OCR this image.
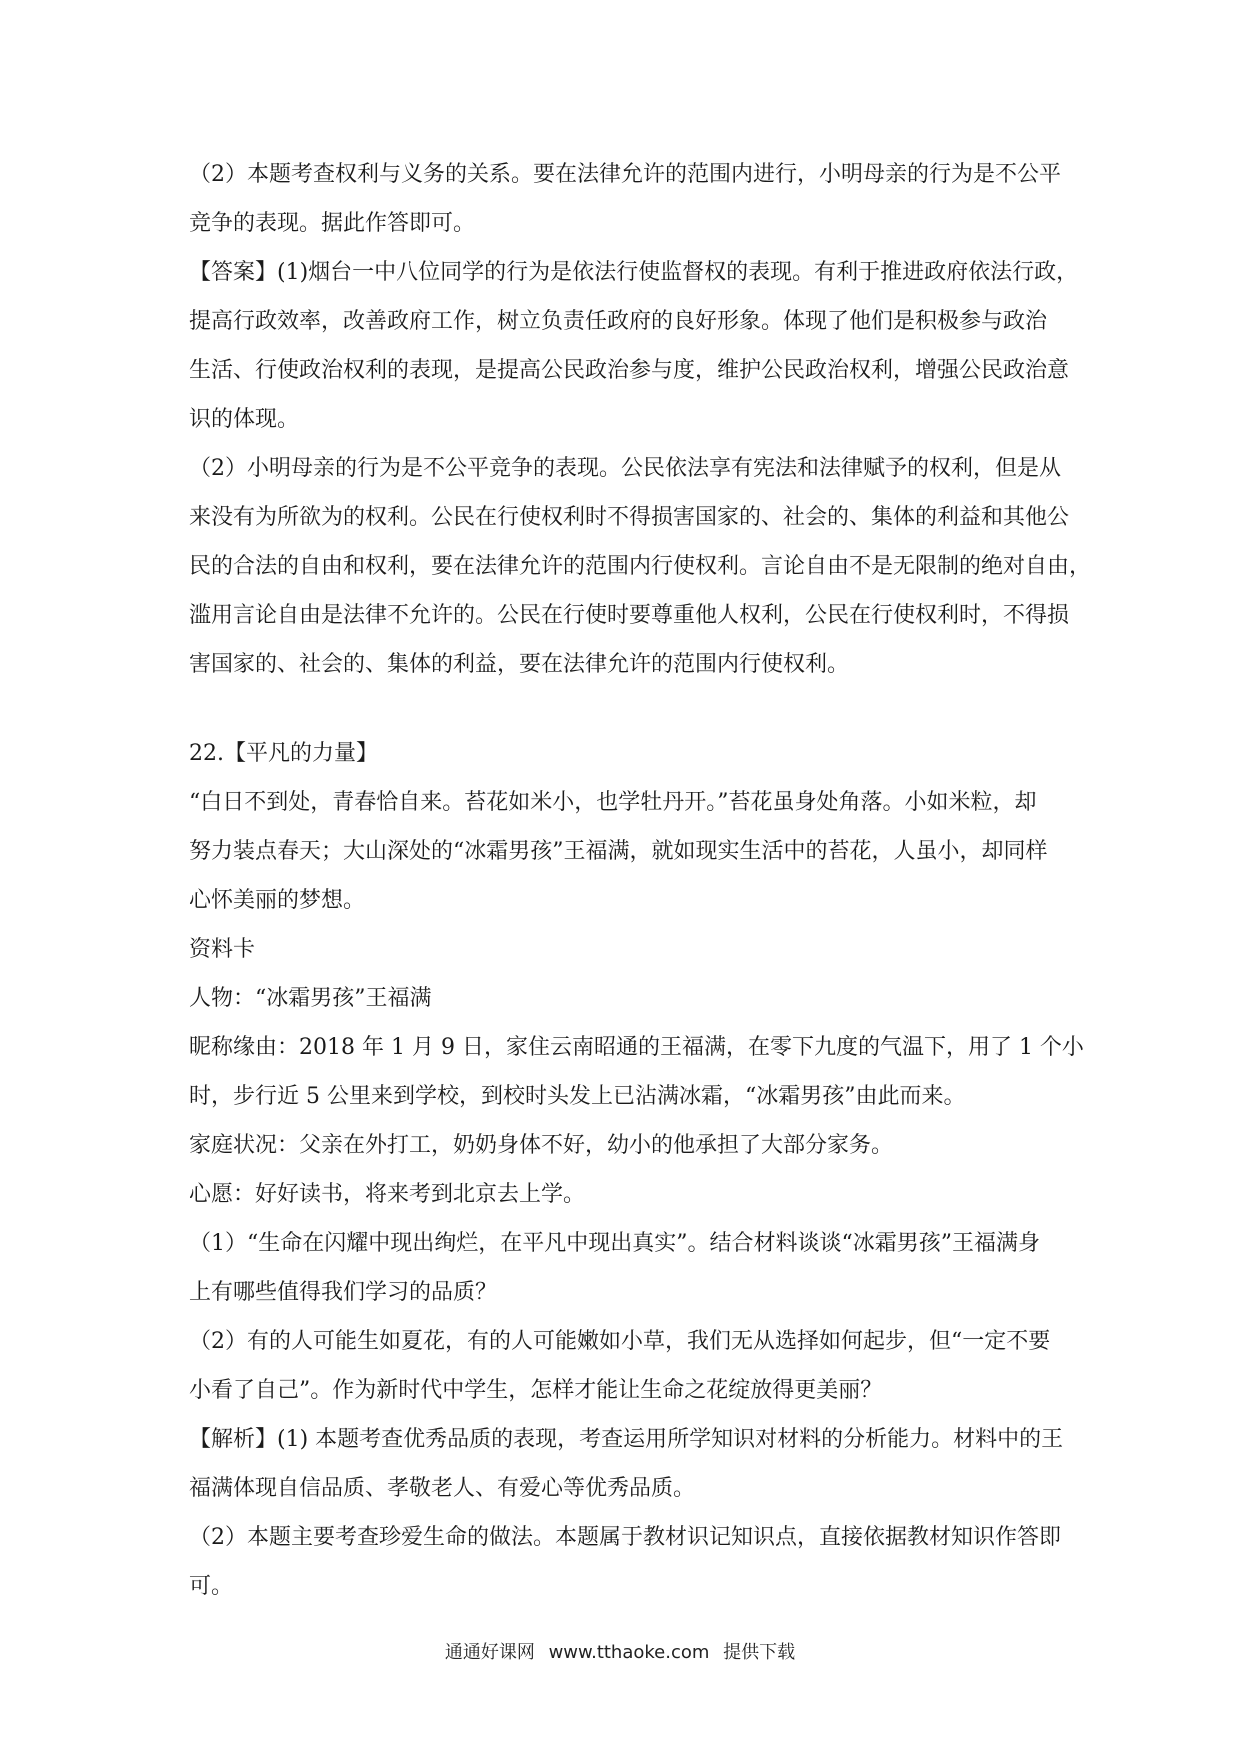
（2）本题考查权利与义务的关系。要在法律允许的范围内进行，小明母亲的行为是不公平

竞争的表现。据此作答即可。

【答案】(1)烟台一中八位同学的行为是依法行使监督权的表现。有利于推进政府依法行政，

提高行政效率，改善政府工作，树立负责任政府的良好形象。体现了他们是积极参与政治

生活、行使政治权利的表现，是提高公民政治参与度，维护公民政治权利，增强公民政治意

识的体现。

（2）小明母亲的行为是不公平竞争的表现。公民依法享有宪法和法律赋予的权利，但是从

来没有为所欲为的权利。公民在行使权利时不得损害国家的、社会的、集体的利益和其他公

民的合法的自由和权利，要在法律允许的范围内行使权利。言论自由不是无限制的绝对自由，

滥用言论自由是法律不允许的。公民在行使时要尊重他人权利，公民在行使权利时，不得损

害国家的、社会的、集体的利益，要在法律允许的范围内行使权利。

22.【平凡的力量】

“白日不到处，青春恰自来。苔花如米小，也学牡丹开。”苔花虽身处角落。小如米粒，却

努力装点春天；大山深处的“冰霜男孩”王福满，就如现实生活中的苔花，人虽小，却同样

心怀美丽的梦想。

资料卡

人物：“冰霜男孩”王福满

昵称缘由：2018 年 1 月 9 日，家住云南昭通的王福满，在零下九度的气温下，用了 1 个小

时，步行近 5 公里来到学校，到校时头发上已沾满冰霜，“冰霜男孩”由此而来。

家庭状况：父亲在外打工，奶奶身体不好，幼小的他承担了大部分家务。

心愿：好好读书，将来考到北京去上学。

（1）“生命在闪耀中现出绚烂，在平凡中现出真实”。结合材料谈谈“冰霜男孩”王福满身

上有哪些值得我们学习的品质？

（2）有的人可能生如夏花，有的人可能嫩如小草，我们无从选择如何起步，但“一定不要

小看了自己”。作为新时代中学生，怎样才能让生命之花绽放得更美丽？

【解析】(1) 本题考查优秀品质的表现，考查运用所学知识对材料的分析能力。材料中的王

福满体现自信品质、孝敬老人、有爱心等优秀品质。

（2）本题主要考查珍爱生命的做法。本题属于教材识记知识点，直接依据教材知识作答即

可。

通通好课网 www.tthaoke.com 提供下载
